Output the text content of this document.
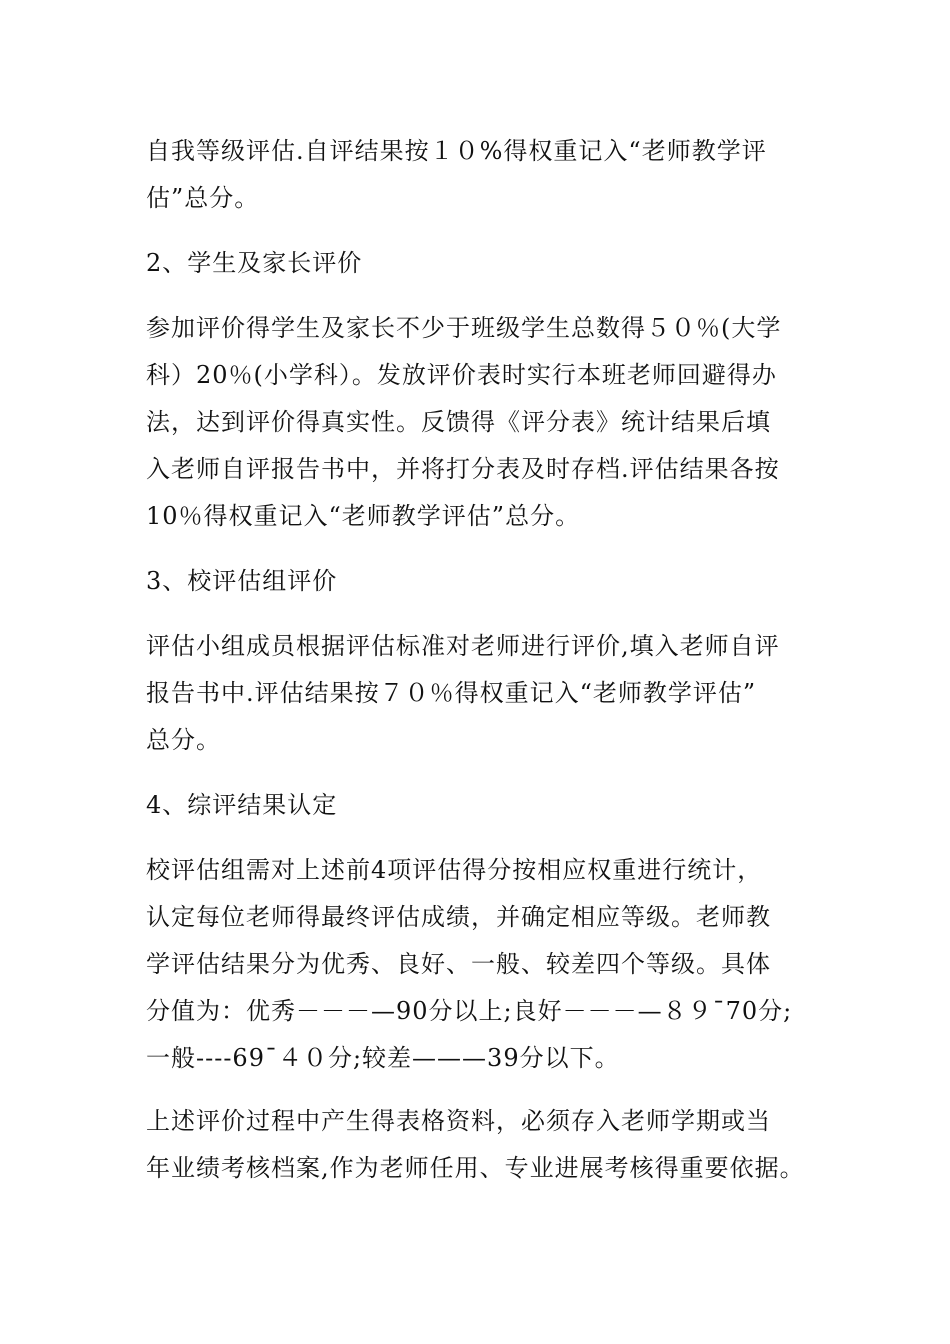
自我等级评估.自评结果按１０%得权重记入“老师教学评
估”总分。

2、学生及家长评价

参加评价得学生及家长不少于班级学生总数得５０％(大学
科）20％(小学科）。发放评价表时实行本班老师回避得办
法，达到评价得真实性。反馈得《评分表》统计结果后填
入老师自评报告书中，并将打分表及时存档.评估结果各按
10％得权重记入“老师教学评估”总分。

3、校评估组评价

评估小组成员根据评估标准对老师进行评价,填入老师自评
报告书中.评估结果按７０％得权重记入“老师教学评估”
总分。

4、综评结果认定

校评估组需对上述前4项评估得分按相应权重进行统计，
认定每位老师得最终评估成绩，并确定相应等级。老师教
学评估结果分为优秀、良好、一般、较差四个等级。具体
分值为：优秀－－－—90分以上;良好－－－—８９¯70分;
一般----69¯４０分;较差———39分以下。

上述评价过程中产生得表格资料，必须存入老师学期或当
年业绩考核档案,作为老师任用、专业进展考核得重要依据。
